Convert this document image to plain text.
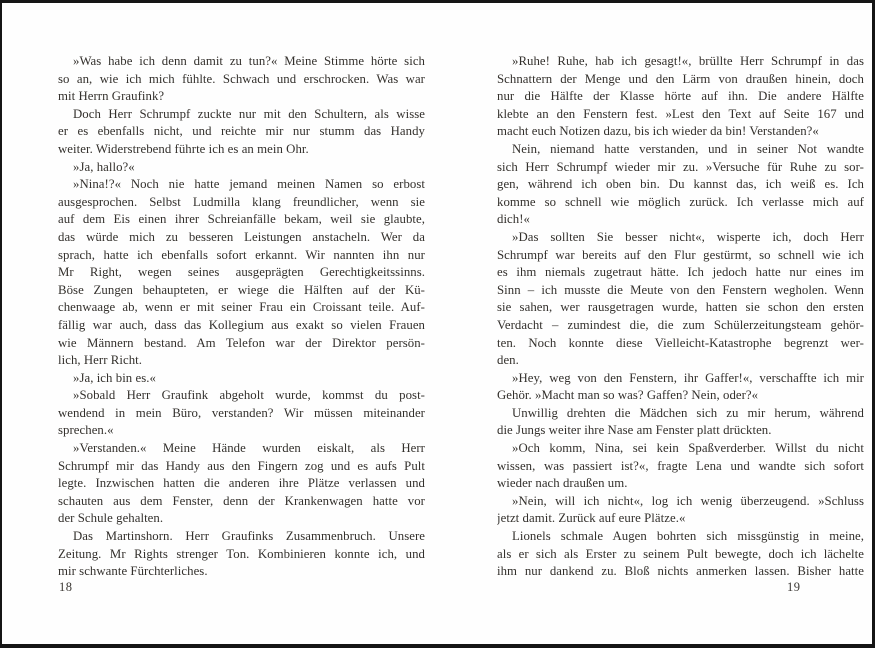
»Was habe ich denn damit zu tun?« Meine Stimme hörte sich
so an, wie ich mich fühlte. Schwach und erschrocken. Was war
mit Herrn Graufink?
Doch Herr Schrumpf zuckte nur mit den Schultern, als wisse
er es ebenfalls nicht, und reichte mir nur stumm das Handy
weiter. Widerstrebend führte ich es an mein Ohr.
»Ja, hallo?«
»Nina!?« Noch nie hatte jemand meinen Namen so erbost
ausgesprochen. Selbst Ludmilla klang freundlicher, wenn sie
auf dem Eis einen ihrer Schreianfälle bekam, weil sie glaubte,
das würde mich zu besseren Leistungen anstacheln. Wer da
sprach, hatte ich ebenfalls sofort erkannt. Wir nannten ihn nur
Mr Right, wegen seines ausgeprägten Gerechtigkeitssinns.
Böse Zungen behaupteten, er wiege die Hälften auf der Kü-
chenwaage ab, wenn er mit seiner Frau ein Croissant teile. Auf-
fällig war auch, dass das Kollegium aus exakt so vielen Frauen
wie Männern bestand. Am Telefon war der Direktor persön-
lich, Herr Richt.
»Ja, ich bin es.«
»Sobald Herr Graufink abgeholt wurde, kommst du post-
wendend in mein Büro, verstanden? Wir müssen miteinander
sprechen.«
»Verstanden.« Meine Hände wurden eiskalt, als Herr
Schrumpf mir das Handy aus den Fingern zog und es aufs Pult
legte. Inzwischen hatten die anderen ihre Plätze verlassen und
schauten aus dem Fenster, denn der Krankenwagen hatte vor
der Schule gehalten.
Das Martinshorn. Herr Graufinks Zusammenbruch. Unsere
Zeitung. Mr Rights strenger Ton. Kombinieren konnte ich, und
mir schwante Fürchterliches.
»Ruhe! Ruhe, hab ich gesagt!«, brüllte Herr Schrumpf in das
Schnattern der Menge und den Lärm von draußen hinein, doch
nur die Hälfte der Klasse hörte auf ihn. Die andere Hälfte
klebte an den Fenstern fest. »Lest den Text auf Seite 167 und
macht euch Notizen dazu, bis ich wieder da bin! Verstanden?«
Nein, niemand hatte verstanden, und in seiner Not wandte
sich Herr Schrumpf wieder mir zu. »Versuche für Ruhe zu sor-
gen, während ich oben bin. Du kannst das, ich weiß es. Ich
komme so schnell wie möglich zurück. Ich verlasse mich auf
dich!«
»Das sollten Sie besser nicht«, wisperte ich, doch Herr
Schrumpf war bereits auf den Flur gestürmt, so schnell wie ich
es ihm niemals zugetraut hätte. Ich jedoch hatte nur eines im
Sinn – ich musste die Meute von den Fenstern wegholen. Wenn
sie sahen, wer rausgetragen wurde, hatten sie schon den ersten
Verdacht – zumindest die, die zum Schülerzeitungsteam gehör-
ten. Noch konnte diese Vielleicht-Katastrophe begrenzt wer-
den.
»Hey, weg von den Fenstern, ihr Gaffer!«, verschaffte ich mir
Gehör. »Macht man so was? Gaffen? Nein, oder?«
Unwillig drehten die Mädchen sich zu mir herum, während
die Jungs weiter ihre Nase am Fenster platt drückten.
»Och komm, Nina, sei kein Spaßverderber. Willst du nicht
wissen, was passiert ist?«, fragte Lena und wandte sich sofort
wieder nach draußen um.
»Nein, will ich nicht«, log ich wenig überzeugend. »Schluss
jetzt damit. Zurück auf eure Plätze.«
Lionels schmale Augen bohrten sich missgünstig in meine,
als er sich als Erster zu seinem Pult bewegte, doch ich lächelte
ihm nur dankend zu. Bloß nichts anmerken lassen. Bisher hatte
18	19
